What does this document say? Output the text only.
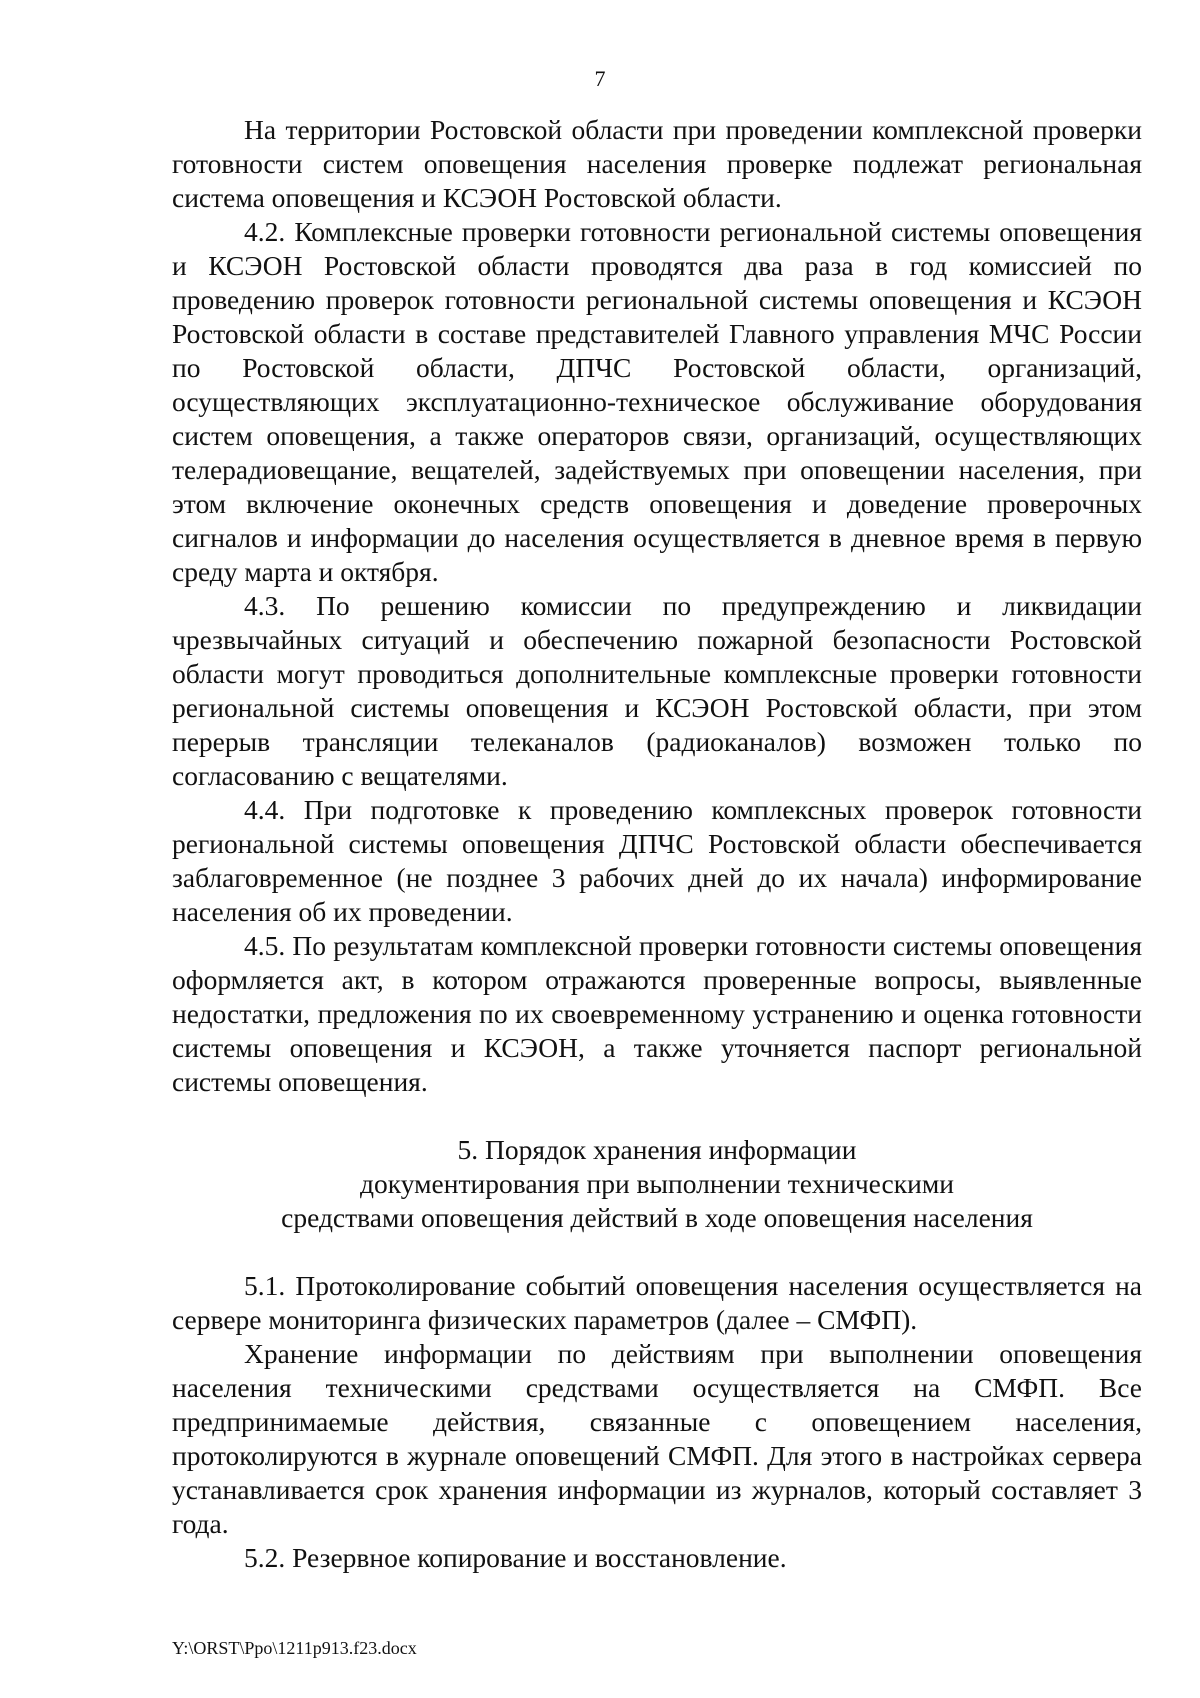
7

На территории Ростовской области при проведении комплексной проверки готовности систем оповещения населения проверке подлежат региональная система оповещения и КСЭОН Ростовской области.

4.2. Комплексные проверки готовности региональной системы оповещения и КСЭОН Ростовской области проводятся два раза в год комиссией по проведению проверок готовности региональной системы оповещения и КСЭОН Ростовской области в составе представителей Главного управления МЧС России по Ростовской области, ДПЧС Ростовской области, организаций, осуществляющих эксплуатационно-техническое обслуживание оборудования систем оповещения, а также операторов связи, организаций, осуществляющих телерадиовещание, вещателей, задействуемых при оповещении населения, при этом включение оконечных средств оповещения и доведение проверочных сигналов и информации до населения осуществляется в дневное время в первую среду марта и октября.

4.3. По решению комиссии по предупреждению и ликвидации чрезвычайных ситуаций и обеспечению пожарной безопасности Ростовской области могут проводиться дополнительные комплексные проверки готовности региональной системы оповещения и КСЭОН Ростовской области, при этом перерыв трансляции телеканалов (радиоканалов) возможен только по согласованию с вещателями.

4.4. При подготовке к проведению комплексных проверок готовности региональной системы оповещения ДПЧС Ростовской области обеспечивается заблаговременное (не позднее 3 рабочих дней до их начала) информирование населения об их проведении.

4.5. По результатам комплексной проверки готовности системы оповещения оформляется акт, в котором отражаются проверенные вопросы, выявленные недостатки, предложения по их своевременному устранению и оценка готовности системы оповещения и КСЭОН, а также уточняется паспорт региональной системы оповещения.

5. Порядок хранения информации
документирования при выполнении техническими
средствами оповещения действий в ходе оповещения населения

5.1. Протоколирование событий оповещения населения осуществляется на сервере мониторинга физических параметров (далее – СМФП).

Хранение информации по действиям при выполнении оповещения населения техническими средствами осуществляется на СМФП. Все предпринимаемые действия, связанные с оповещением населения, протоколируются в журнале оповещений СМФП. Для этого в настройках сервера устанавливается срок хранения информации из журналов, который составляет 3 года.

5.2. Резервное копирование и восстановление.

Y:\ORST\Ppo\1211p913.f23.docx
